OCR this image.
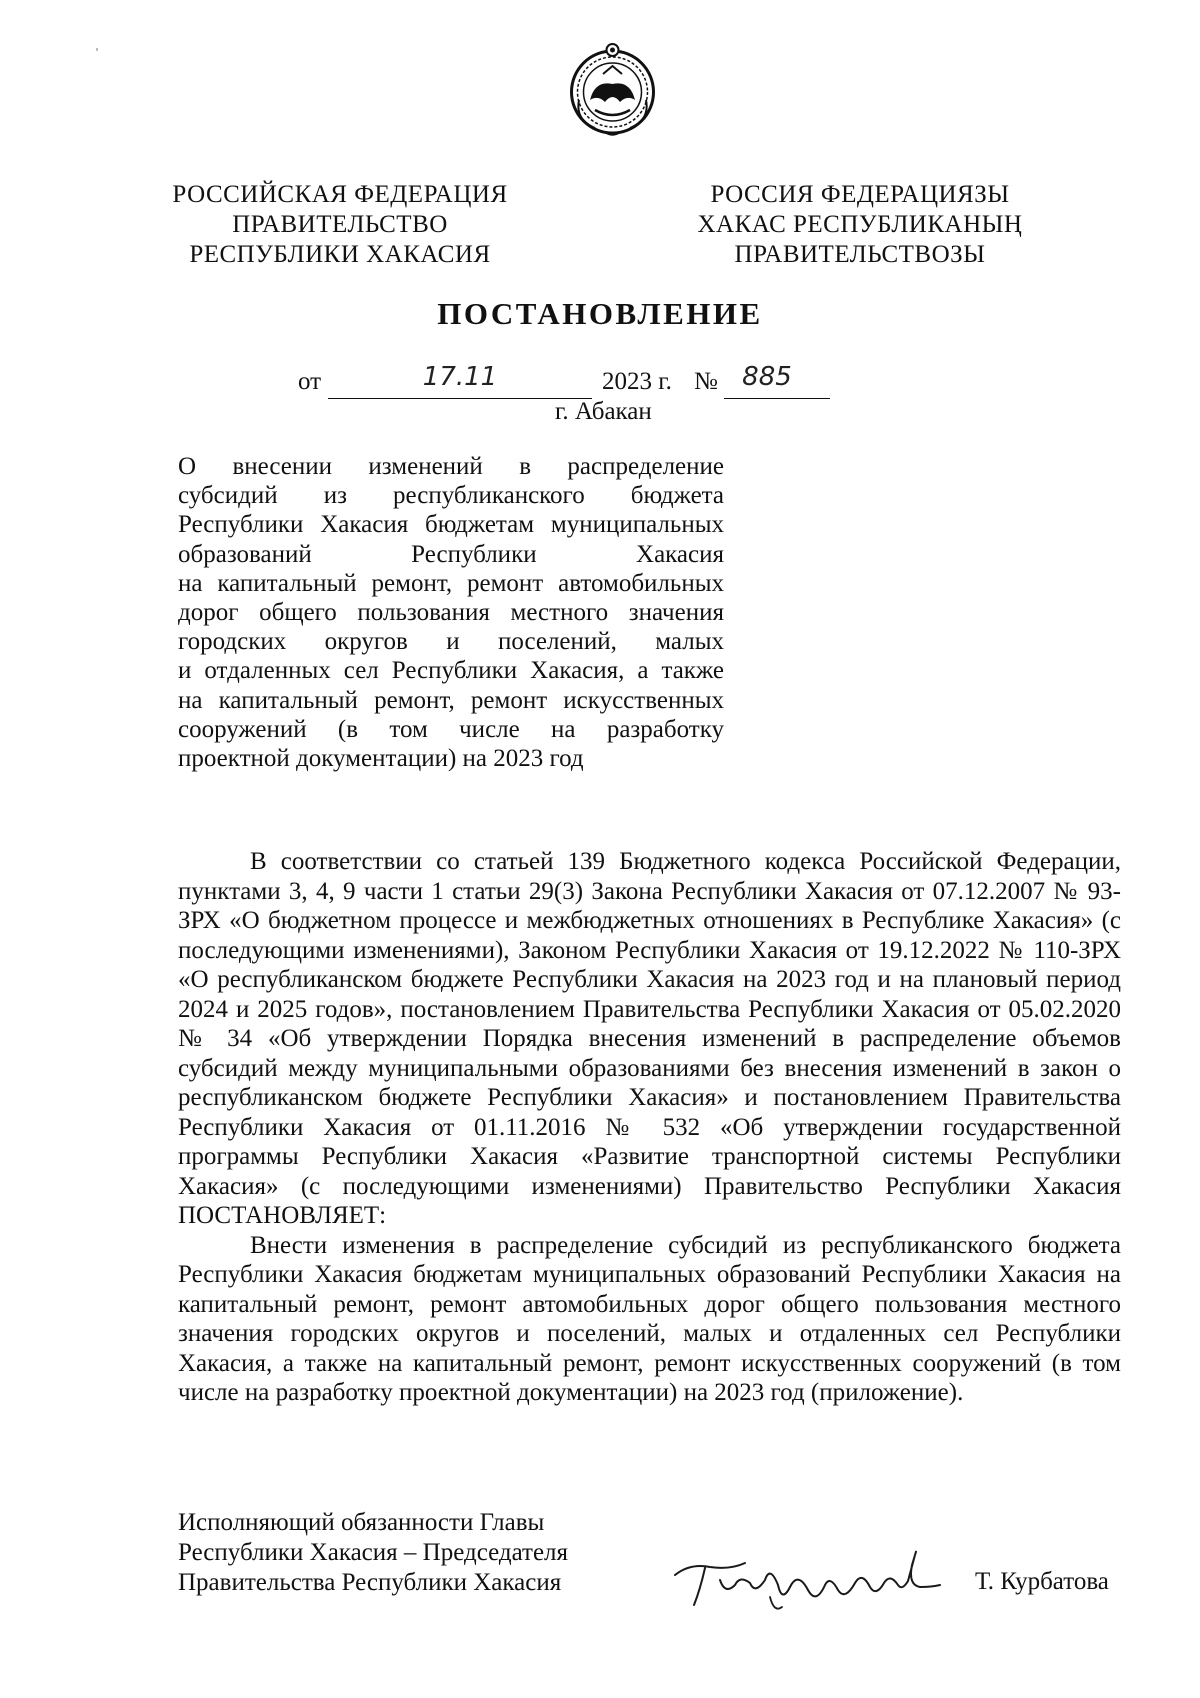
РОССИЙСКАЯ ФЕДЕРАЦИЯ
ПРАВИТЕЛЬСТВО
РЕСПУБЛИКИ ХАКАСИЯ
РОССИЯ ФЕДЕРАЦИЯЗЫ
ХАКАС РЕСПУБЛИКАНЫҢ
ПРАВИТЕЛЬСТВОЗЫ
ПОСТАНОВЛЕНИЕ
от	17.11	2023 г. № 885
г. Абакан
О внесении изменений в распределение
субсидий из республиканского бюджета
Республики Хакасия бюджетам муниципальных
образований Республики Хакасия
на капитальный ремонт, ремонт автомобильных
дорог общего пользования местного значения
городских округов и поселений, малых
и отдаленных сел Республики Хакасия, а также
на капитальный ремонт, ремонт искусственных
сооружений (в том числе на разработку
проектной документации) на 2023 год

В соответствии со статьей 139 Бюджетного кодекса Российской Федерации, пунктами 3, 4, 9 части 1 статьи 29(3) Закона Республики Хакасия от 07.12.2007 № 93-ЗРХ «О бюджетном процессе и межбюджетных отношениях в Республике Хакасия» (с последующими изменениями), Законом Республики Хакасия от 19.12.2022 № 110-ЗРХ «О республиканском бюджете Республики Хакасия на 2023 год и на плановый период 2024 и 2025 годов», постановлением Правительства Республики Хакасия от 05.02.2020 № 34 «Об утверждении Порядка внесения изменений в распределение объемов субсидий между муниципальными образованиями без внесения изменений в закон о республиканском бюджете Республики Хакасия» и постановлением Правительства Республики Хакасия от 01.11.2016 № 532 «Об утверждении государственной программы Республики Хакасия «Развитие транспортной системы Республики Хакасия» (с последующими изменениями) Правительство Республики Хакасия ПОСТАНОВЛЯЕТ:

Внести изменения в распределение субсидий из республиканского бюджета Республики Хакасия бюджетам муниципальных образований Республики Хакасия на капитальный ремонт, ремонт автомобильных дорог общего пользования местного значения городских округов и поселений, малых и отдаленных сел Республики Хакасия, а также на капитальный ремонт, ремонт искусственных сооружений (в том числе на разработку проектной документации) на 2023 год (приложение).

Исполняющий обязанности Главы
Республики Хакасия – Председателя
Правительства Республики Хакасия	Т. Курбатова
